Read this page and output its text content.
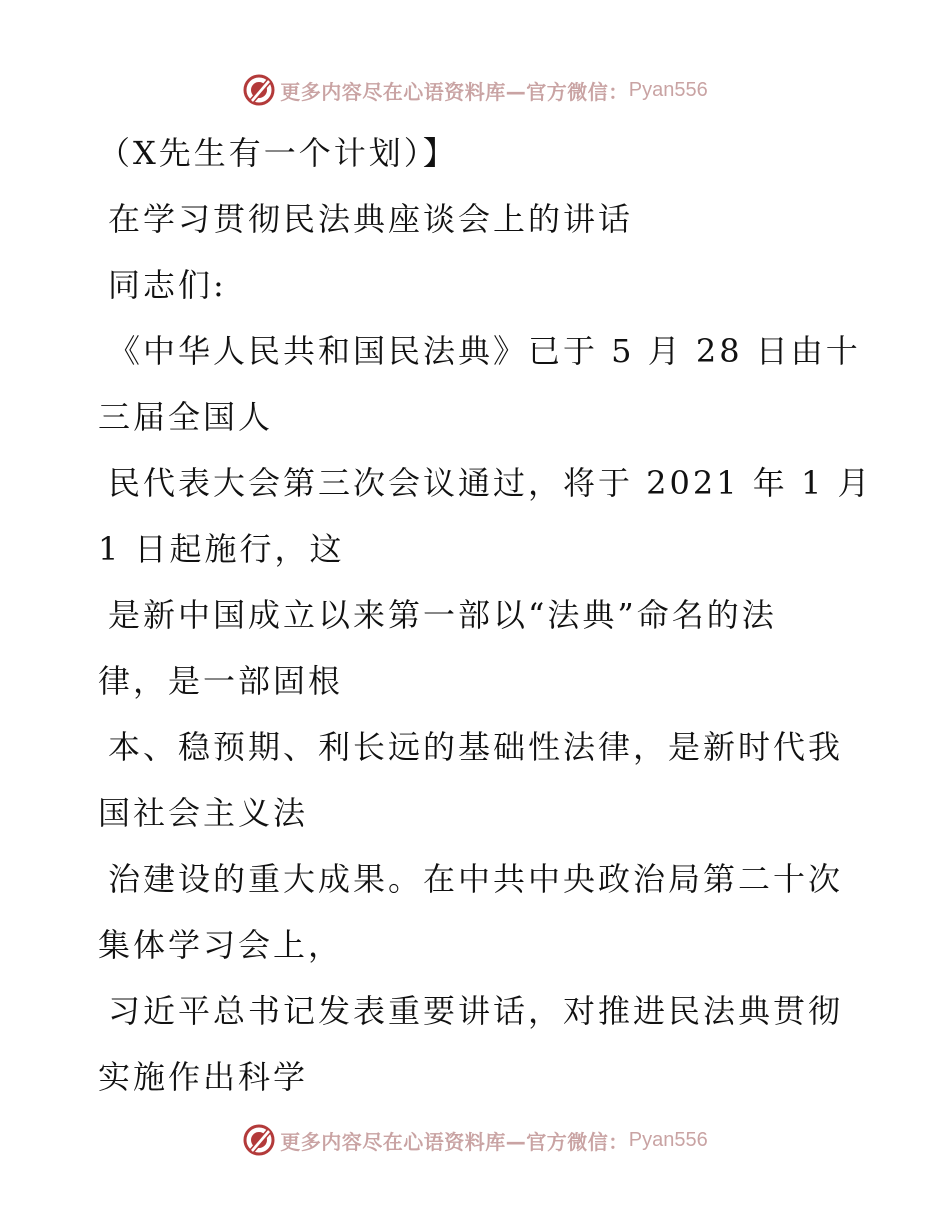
更多内容尽在心语资料库—官方微信： Pyan556
（X先生有一个计划）】
在学习贯彻民法典座谈会上的讲话
同志们:
《中华人民共和国民法典》已于 5 月 28 日由十
三届全国人
民代表大会第三次会议通过，将于 2021 年 1 月
1 日起施行，这
是新中国成立以来第一部以“法典”命名的法
律，是一部固根
本、稳预期、利长远的基础性法律，是新时代我
国社会主义法
治建设的重大成果。在中共中央政治局第二十次
集体学习会上，
习近平总书记发表重要讲话，对推进民法典贯彻
实施作出科学
更多内容尽在心语资料库—官方微信： Pyan556
